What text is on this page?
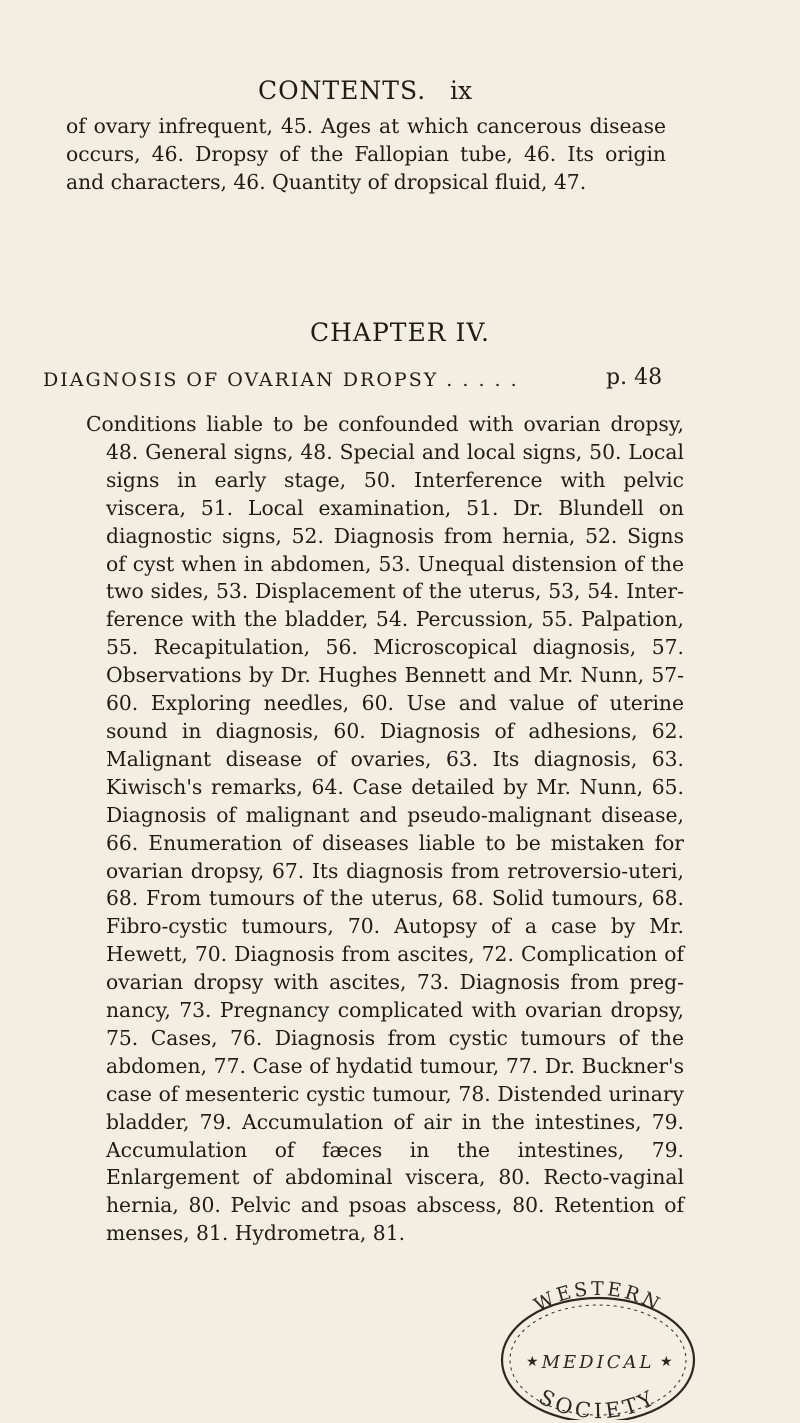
CONTENTS. ix

of ovary infrequent, 45. Ages at which cancerous disease occurs, 46. Dropsy of the Fallopian tube, 46. Its origin and characters, 46. Quantity of dropsical fluid, 47.

CHAPTER IV.
DIAGNOSIS OF OVARIAN DROPSY . . . . .	p. 48

Conditions liable to be confounded with ovarian dropsy, 48. General signs, 48. Special and local signs, 50. Local signs in early stage, 50. Interference with pelvic viscera, 51. Local examination, 51. Dr. Blundell on diagnostic signs, 52. Diagnosis from hernia, 52. Signs of cyst when in abdomen, 53. Unequal distension of the two sides, 53. Displacement of the uterus, 53, 54. Interference with the bladder, 54. Percussion, 55. Palpation, 55. Recapitulation, 56. Microscopical diagnosis, 57. Observations by Dr. Hughes Bennett and Mr. Nunn, 57-60. Exploring needles, 60. Use and value of uterine sound in diagnosis, 60. Diagnosis of adhesions, 62. Malignant disease of ovaries, 63. Its diagnosis, 63. Kiwisch's remarks, 64. Case detailed by Mr. Nunn, 65. Diagnosis of malignant and pseudo-malignant disease, 66. Enumeration of diseases liable to be mistaken for ovarian dropsy, 67. Its diagnosis from retroversio-uteri, 68. From tumours of the uterus, 68. Solid tumours, 68. Fibro-cystic tumours, 70. Autopsy of a case by Mr. Hewett, 70. Diagnosis from ascites, 72. Complication of ovarian dropsy with ascites, 73. Diagnosis from pregnancy, 73. Pregnancy complicated with ovarian dropsy, 75. Cases, 76. Diagnosis from cystic tumours of the abdomen, 77. Case of hydatid tumour, 77. Dr. Buckner's case of mesenteric cystic tumour, 78. Distended urinary bladder, 79. Accumulation of air in the intestines, 79. Accumulation of fæces in the intestines, 79. Enlargement of abdominal viscera, 80. Recto-vaginal hernia, 80. Pelvic and psoas abscess, 80. Retention of menses, 81. Hydrometra, 81.

WESTERN
MEDICAL
★	★
SOCIETY
